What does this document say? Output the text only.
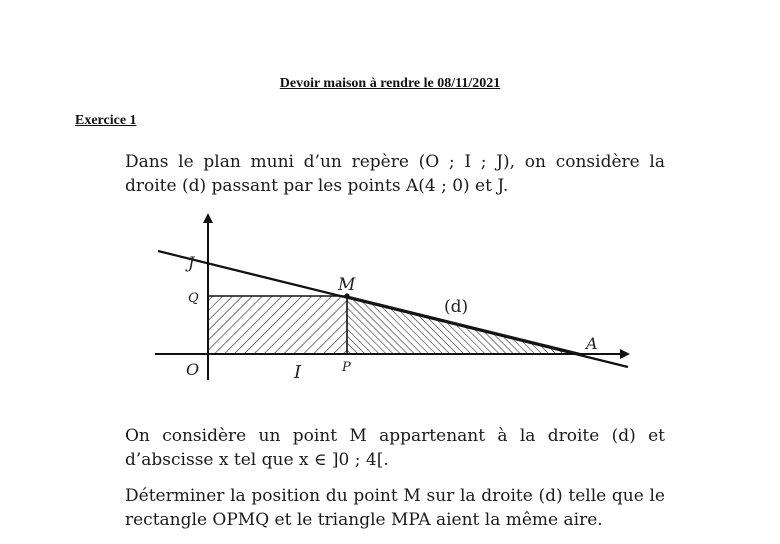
Devoir maison à rendre le 08/11/2021
Exercice 1
Dans le plan muni d’un repère (O ; I ; J), on considère la droite (d) passant par les points A(4 ; 0) et J.
J
Q
M
(d)
A
O	I	P
On considère un point M appartenant à la droite (d) et d’abscisse x tel que x ∈ ]0 ; 4[.
Déterminer la position du point M sur la droite (d) telle que le rectangle OPMQ et le triangle MPA aient la même aire.
